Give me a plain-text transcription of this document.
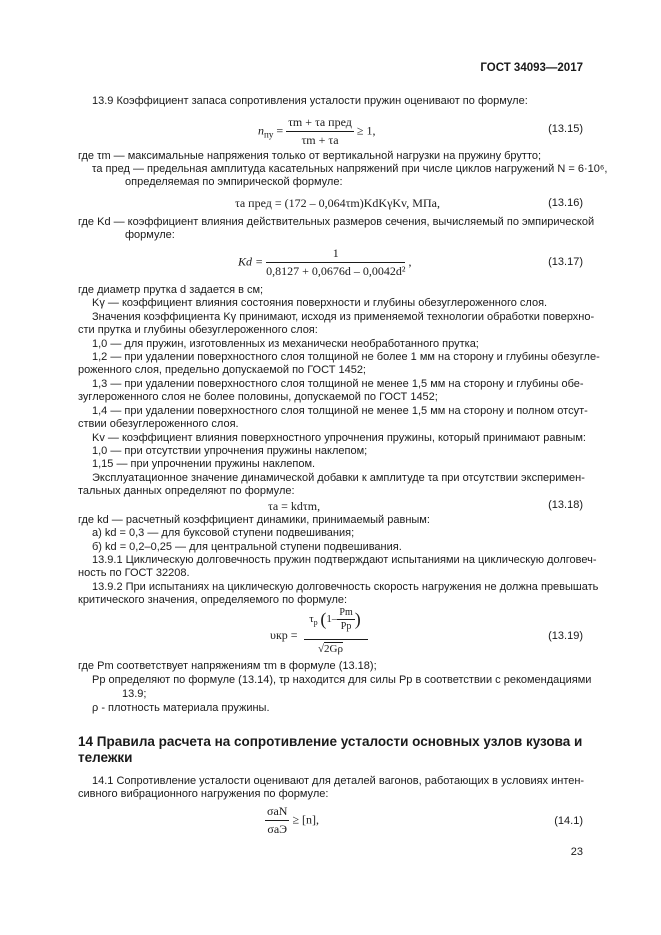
ГОСТ 34093—2017
13.9 Коэффициент запаса сопротивления усталости пружин оценивают по формуле:
$n_{пу} = \frac{\text{τm + τa пред}}{\tau m + \tau a} \ge 1$,	(13.15)
где τm — максимальные напряжения только от вертикальной нагрузки на пружину брутто;
τa пред — предельная амплитуда касательных напряжений при числе циклов нагружений N = 6·10⁶,
определяемая по эмпирической формуле:
τa пред = (172 – 0,064τm)KdKγKv, МПа,	(13.16)
где Kd — коэффициент влияния действительных размеров сечения, вычисляемый по эмпирической
формуле:
$Kd = \frac{1}{\text{0,8127 + 0,0676d – 0,0042d²}}$ ,	(13.17)
где диаметр прутка d задается в см;
Kγ — коэффициент влияния состояния поверхности и глубины обезуглероженного слоя.
Значения коэффициента Kγ принимают, исходя из применяемой технологии обработки поверхно-
сти прутка и глубины обезуглероженного слоя:
1,0 — для пружин, изготовленных из механически необработанного прутка;
1,2 — при удалении поверхностного слоя толщиной не более 1 мм на сторону и глубины обезугле-
роженного слоя, предельно допускаемой по ГОСТ 1452;
1,3 — при удалении поверхностного слоя толщиной не менее 1,5 мм на сторону и глубины обе-
зуглероженного слоя не более половины, допускаемой по ГОСТ 1452;
1,4 — при удалении поверхностного слоя толщиной не менее 1,5 мм на сторону и полном отсут-
ствии обезуглероженного слоя.
Kv — коэффициент влияния поверхностного упрочнения пружины, который принимают равным:
1,0 — при отсутствии упрочнения пружины наклепом;
1,15 — при упрочнении пружины наклепом.
Эксплуатационное значение динамической добавки к амплитуде τa при отсутствии эксперимен-
тальных данных определяют по формуле:
τa = kdτm,	(13.18)
где kd — расчетный коэффициент динамики, принимаемый равным:
а) kd = 0,3 — для буксовой ступени подвешивания;
б) kd = 0,2–0,25 — для центральной ступени подвешивания.
13.9.1 Циклическую долговечность пружин подтверждают испытаниями на циклическую долговеч-
ность по ГОСТ 32208.
13.9.2 При испытаниях на циклическую долговечность скорость нагружения не должна превышать
критического значения, определяемого по формуле:
υкр =
$\tau_p$ ($1- \frac{Pm}{Pp}$ )
√2Gρ
(13.19)
где Pm соответствует напряжениям τm в формуле (13.18);
Pp определяют по формуле (13.14), τp находится для силы Pp в соответствии с рекомендациями
13.9;
ρ - плотность материала пружины.
14 Правила расчета на сопротивление усталости основных узлов кузова и
тележки
14.1 Сопротивление усталости оценивают для деталей вагонов, работающих в условиях интен-
сивного вибрационного нагружения по формуле:
$\frac{\text{σaN}}{\text{σaЭ}} \ge [n]$,	(14.1)
23
